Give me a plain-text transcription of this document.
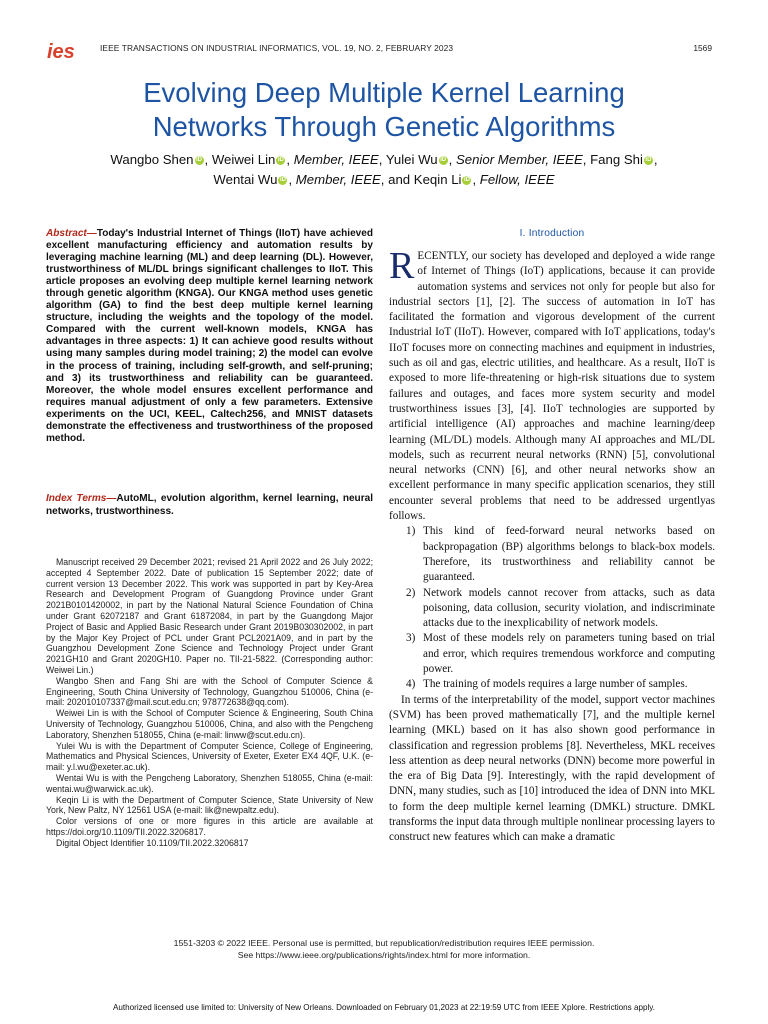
ies	IEEE TRANSACTIONS ON INDUSTRIAL INFORMATICS, VOL. 19, NO. 2, FEBRUARY 2023	1569
Evolving Deep Multiple Kernel Learning
Networks Through Genetic Algorithms
Wangbo Shen iD , Weiwei Lin iD , Member, IEEE, Yulei Wu iD , Senior Member, IEEE, Fang Shi iD ,
Wentai Wu iD , Member, IEEE, and Keqin Li iD , Fellow, IEEE
Abstract—Today's Industrial Internet of Things (IIoT) have achieved excellent manufacturing efficiency and automation results by leveraging machine learning (ML) and deep learning (DL). However, trustworthiness of ML/DL brings significant challenges to IIoT. This article proposes an evolving deep multiple kernel learning network through genetic algorithm (KNGA). Our KNGA method uses genetic algorithm (GA) to find the best deep multiple kernel learning structure, including the weights and the topology of the model. Compared with the current well-known models, KNGA has advantages in three aspects: 1) It can achieve good results without using many samples during model training; 2) the model can evolve in the process of training, including self-growth, and self-pruning; and 3) its trustworthiness and reliability can be guaranteed. Moreover, the whole model ensures excellent performance and requires manual adjustment of only a few parameters. Extensive experiments on the UCI, KEEL, Caltech256, and MNIST datasets demonstrate the effectiveness and trustworthiness of the proposed method.
Index Terms—AutoML, evolution algorithm, kernel learning, neural networks, trustworthiness.

Manuscript received 29 December 2021; revised 21 April 2022 and 26 July 2022; accepted 4 September 2022. Date of publication 15 September 2022; date of current version 13 December 2022. This work was supported in part by Key-Area Research and Development Program of Guangdong Province under Grant 2021B0101420002, in part by the National Natural Science Foundation of China under Grant 62072187 and Grant 61872084, in part by the Guangdong Major Project of Basic and Applied Basic Research under Grant 2019B030302002, in part by the Major Key Project of PCL under Grant PCL2021A09, and in part by the Guangzhou Development Zone Science and Technology Project under Grant 2021GH10 and Grant 2020GH10. Paper no. TII-21-5822. (Corresponding author: Weiwei Lin.)

Wangbo Shen and Fang Shi are with the School of Computer Science & Engineering, South China University of Technology, Guangzhou 510006, China (e-mail: 202010107337@mail.scut.edu.cn; 978772638@qq.com).

Weiwei Lin is with the School of Computer Science & Engineering, South China University of Technology, Guangzhou 510006, China, and also with the Pengcheng Laboratory, Shenzhen 518055, China (e-mail: linww@scut.edu.cn).

Yulei Wu is with the Department of Computer Science, College of Engineering, Mathematics and Physical Sciences, University of Exeter, Exeter EX4 4QF, U.K. (e-mail: y.l.wu@exeter.ac.uk).

Wentai Wu is with the Pengcheng Laboratory, Shenzhen 518055, China (e-mail: wentai.wu@warwick.ac.uk).

Keqin Li is with the Department of Computer Science, State University of New York, New Paltz, NY 12561 USA (e-mail: lik@newpaltz.edu).

Color versions of one or more figures in this article are available at https://doi.org/10.1109/TII.2022.3206817.

Digital Object Identifier 10.1109/TII.2022.3206817

I. Introduction

RECENTLY, our society has developed and deployed a wide range of Internet of Things (IoT) applications, because it can provide automation systems and services not only for people but also for industrial sectors [1], [2]. The success of automation in IoT has facilitated the formation and vigorous development of the current Industrial IoT (IIoT). However, compared with IoT applications, today's IIoT focuses more on connecting machines and equipment in industries, such as oil and gas, electric utilities, and healthcare. As a result, IIoT is exposed to more life-threatening or high-risk situations due to system failures and outages, and faces more system security and model trustworthiness issues [3], [4]. IIoT technologies are supported by artificial intelligence (AI) approaches and machine learning/deep learning (ML/DL) models. Although many AI approaches and ML/DL models, such as recurrent neural networks (RNN) [5], convolutional neural networks (CNN) [6], and other neural networks show an excellent performance in many specific application scenarios, they still encounter several problems that need to be addressed urgentlyas follows.

1) This kind of feed-forward neural networks based on backpropagation (BP) algorithms belongs to black-box models. Therefore, its trustworthiness and reliability cannot be guaranteed.
2) Network models cannot recover from attacks, such as data poisoning, data collusion, security violation, and indiscriminate attacks due to the inexplicability of network models.
3) Most of these models rely on parameters tuning based on trial and error, which requires tremendous workforce and computing power.
4) The training of models requires a large number of samples.

In terms of the interpretability of the model, support vector machines (SVM) has been proved mathematically [7], and the multiple kernel learning (MKL) based on it has also shown good performance in classification and regression problems [8]. Nevertheless, MKL receives less attention as deep neural networks (DNN) become more powerful in the era of Big Data [9]. Interestingly, with the rapid development of DNN, many studies, such as [10] introduced the idea of DNN into MKL to form the deep multiple kernel learning (DMKL) structure. DMKL transforms the input data through multiple nonlinear processing layers to construct new features which can make a dramatic

1551-3203 © 2022 IEEE. Personal use is permitted, but republication/redistribution requires IEEE permission.
See https://www.ieee.org/publications/rights/index.html for more information.
Authorized licensed use limited to: University of New Orleans. Downloaded on February 01,2023 at 22:19:59 UTC from IEEE Xplore. Restrictions apply.
